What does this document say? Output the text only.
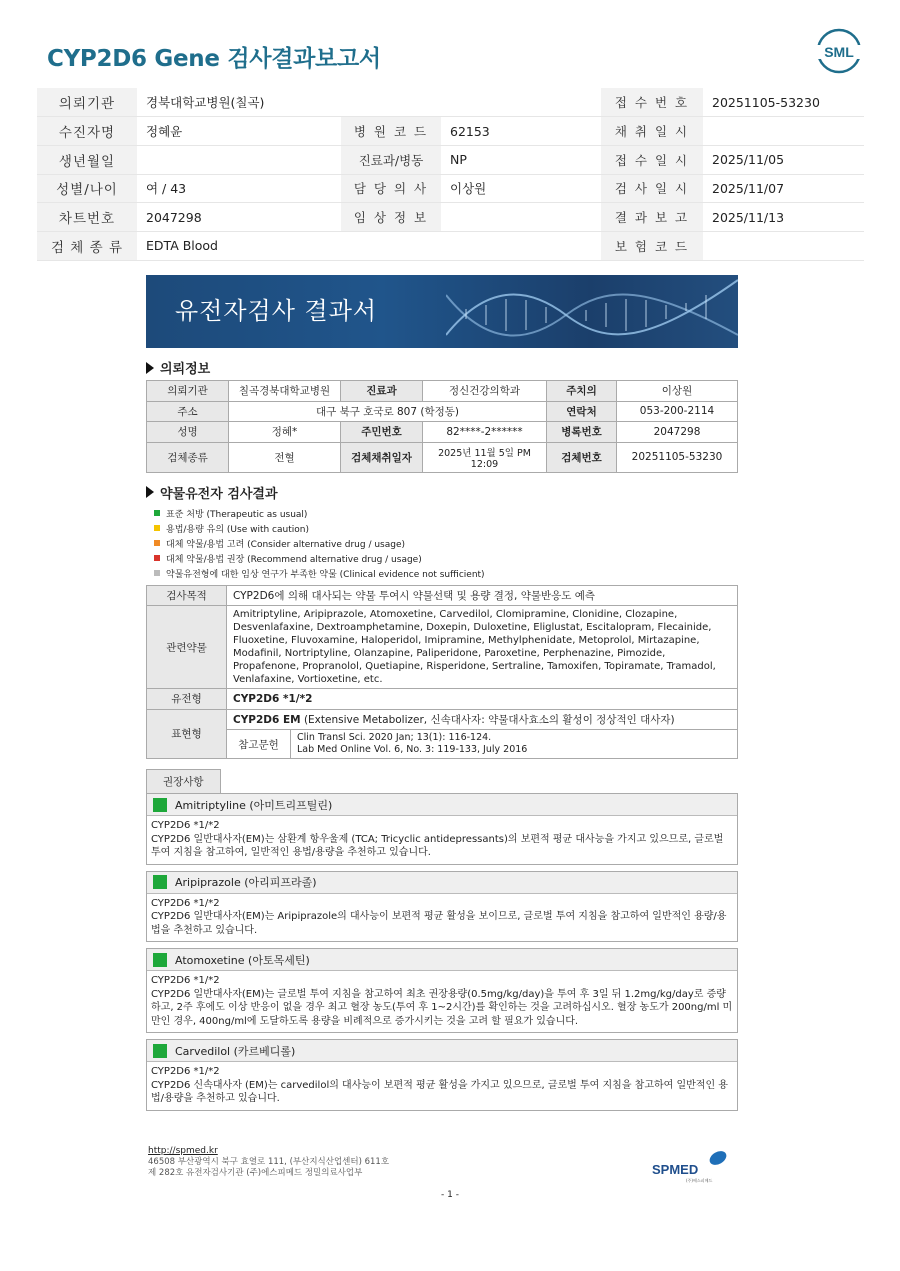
CYP2D6 Gene 검사결과보고서	SML
의뢰기관	경북대학교병원(칠곡)			접 수 번 호	20251105-53230
수진자명	정혜윤	병 원 코 드	62153	채 취 일 시	
생년월일		진료과/병동	NP	접 수 일 시	2025/11/05
성별/나이	여 / 43	담 당 의 사	이상원	검 사 일 시	2025/11/07
차트번호	2047298	임 상 정 보		결 과 보 고	2025/11/13
검 체 종 류	EDTA Blood			보 험 코 드	
유전자검사 결과서
의뢰정보
의뢰기관	칠곡경북대학교병원	진료과	정신건강의학과	주치의	이상원
주소	대구 북구 호국로 807 (학정동)			연락처	053-200-2114
성명	정혜*	주민번호	82****-2******	병록번호	2047298
검체종류	전혈	검체채취일자	2025년 11월 5일 PM 12:09	검체번호	20251105-53230
약물유전자 검사결과
표준 처방 (Therapeutic as usual)
용법/용량 유의 (Use with caution)
대체 약물/용법 고려 (Consider alternative drug / usage)
대체 약물/용법 권장 (Recommend alternative drug / usage)
약물유전형에 대한 임상 연구가 부족한 약물 (Clinical evidence not sufficient)
검사목적	CYP2D6에 의해 대사되는 약물 투여시 약물선택 및 용량 결정, 약물반응도 예측	
관련약물	Amitriptyline, Aripiprazole, Atomoxetine, Carvedilol, Clomipramine, Clonidine, Clozapine, Desvenlafaxine, Dextroamphetamine, Doxepin, Duloxetine, Eliglustat, Escitalopram, Flecainide, Fluoxetine, Fluvoxamine, Haloperidol, Imipramine, Methylphenidate, Metoprolol, Mirtazapine, Modafinil, Nortriptyline, Olanzapine, Paliperidone, Paroxetine, Perphenazine, Pimozide, Propafenone, Propranolol, Quetiapine, Risperidone, Sertraline, Tamoxifen, Topiramate, Tramadol, Venlafaxine, Vortioxetine, etc.	
유전형	CYP2D6 *1/*2	
표현형	CYP2D6 EM (Extensive Metabolizer, 신속대사자: 약물대사효소의 활성이 정상적인 대사자)	
	참고문헌	Clin Transl Sci. 2020 Jan; 13(1): 116-124.
Lab Med Online Vol. 6, No. 3: 119-133, July 2016
권장사항
Amitriptyline (아미트리프틸린)
CYP2D6 *1/*2
CYP2D6 일반대사자(EM)는 삼환계 항우울제 (TCA; Tricyclic antidepressants)의 보편적 평균 대사능을 가지고 있으므로, 글로벌 투여 지침을 참고하여, 일반적인 용법/용량을 추천하고 있습니다.
Aripiprazole (아리피프라졸)
CYP2D6 *1/*2
CYP2D6 일반대사자(EM)는 Aripiprazole의 대사능이 보편적 평균 활성을 보이므로, 글로벌 투여 지침을 참고하여 일반적인 용량/용법을 추천하고 있습니다.
Atomoxetine (아토목세틴)
CYP2D6 *1/*2
CYP2D6 일반대사자(EM)는 글로벌 투여 지침을 참고하여 최초 권장용량(0.5mg/kg/day)을 투여 후 3일 뒤 1.2mg/kg/day로 증량하고, 2주 후에도 이상 반응이 없을 경우 최고 혈장 농도(투여 후 1~2시간)를 확인하는 것을 고려하십시오. 혈장 농도가 200ng/ml 미만인 경우, 400ng/ml에 도달하도록 용량을 비례적으로 증가시키는 것을 고려 할 필요가 있습니다.
Carvedilol (카르베디롤)
CYP2D6 *1/*2
CYP2D6 신속대사자 (EM)는 carvedilol의 대사능이 보편적 평균 활성을 가지고 있으므로, 글로벌 투여 지침을 참고하여 일반적인 용법/용량을 추천하고 있습니다.
http://spmed.kr
46508 부산광역시 북구 효열로 111, (부산지식산업센터) 611호
제 282호 유전자검사기관 (주)에스피메드 정밀의료사업부	SPMED
(주)에스피메드
- 1 -
